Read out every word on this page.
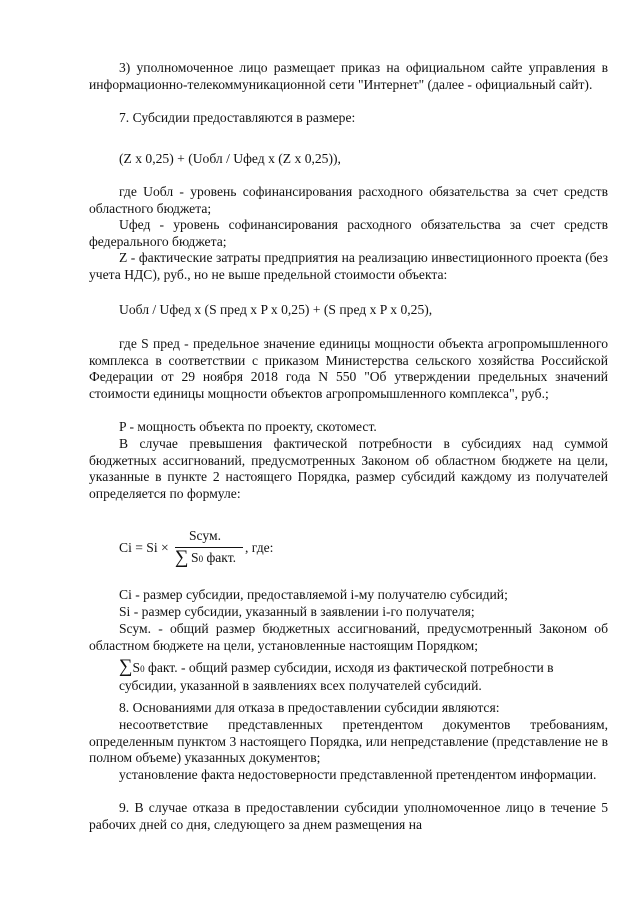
3) уполномоченное лицо размещает приказ на официальном сайте управления в информационно-телекоммуникационной сети "Интернет" (далее - официальный сайт).

7. Субсидии предоставляются в размере:

(Z x 0,25) + (Uобл / Uфед x (Z x 0,25)),

где Uобл - уровень софинансирования расходного обязательства за счет средств областного бюджета;

Uфед - уровень софинансирования расходного обязательства за счет средств федерального бюджета;

Z - фактические затраты предприятия на реализацию инвестиционного проекта (без учета НДС), руб., но не выше предельной стоимости объекта:

Uобл / Uфед x (S пред x P x 0,25) + (S пред x P x 0,25),

где S пред - предельное значение единицы мощности объекта агропромышленного комплекса в соответствии с приказом Министерства сельского хозяйства Российской Федерации от 29 ноября 2018 года N 550 "Об утверждении предельных значений стоимости единицы мощности объектов агропромышленного комплекса", руб.;

P - мощность объекта по проекту, скотомест.

В случае превышения фактической потребности в субсидиях над суммой бюджетных ассигнований, предусмотренных Законом об областном бюджете на цели, указанные в пункте 2 настоящего Порядка, размер субсидий каждому из получателей определяется по формуле:

Ci = Si ×
Sсум.
∑ S0 факт.
, где:

Ci - размер субсидии, предоставляемой i-му получателю субсидий;

Si - размер субсидии, указанный в заявлении i-го получателя;

Sсум. - общий размер бюджетных ассигнований, предусмотренный Законом об областном бюджете на цели, установленные настоящим Порядком;

∑S0 факт. - общий размер субсидии, исходя из фактической потребности в субсидии, указанной в заявлениях всех получателей субсидий.

8. Основаниями для отказа в предоставлении субсидии являются:

несоответствие представленных претендентом документов требованиям, определенным пунктом 3 настоящего Порядка, или непредставление (представление не в полном объеме) указанных документов;

установление факта недостоверности представленной претендентом информации.

9. В случае отказа в предоставлении субсидии уполномоченное лицо в течение 5 рабочих дней со дня, следующего за днем размещения на
